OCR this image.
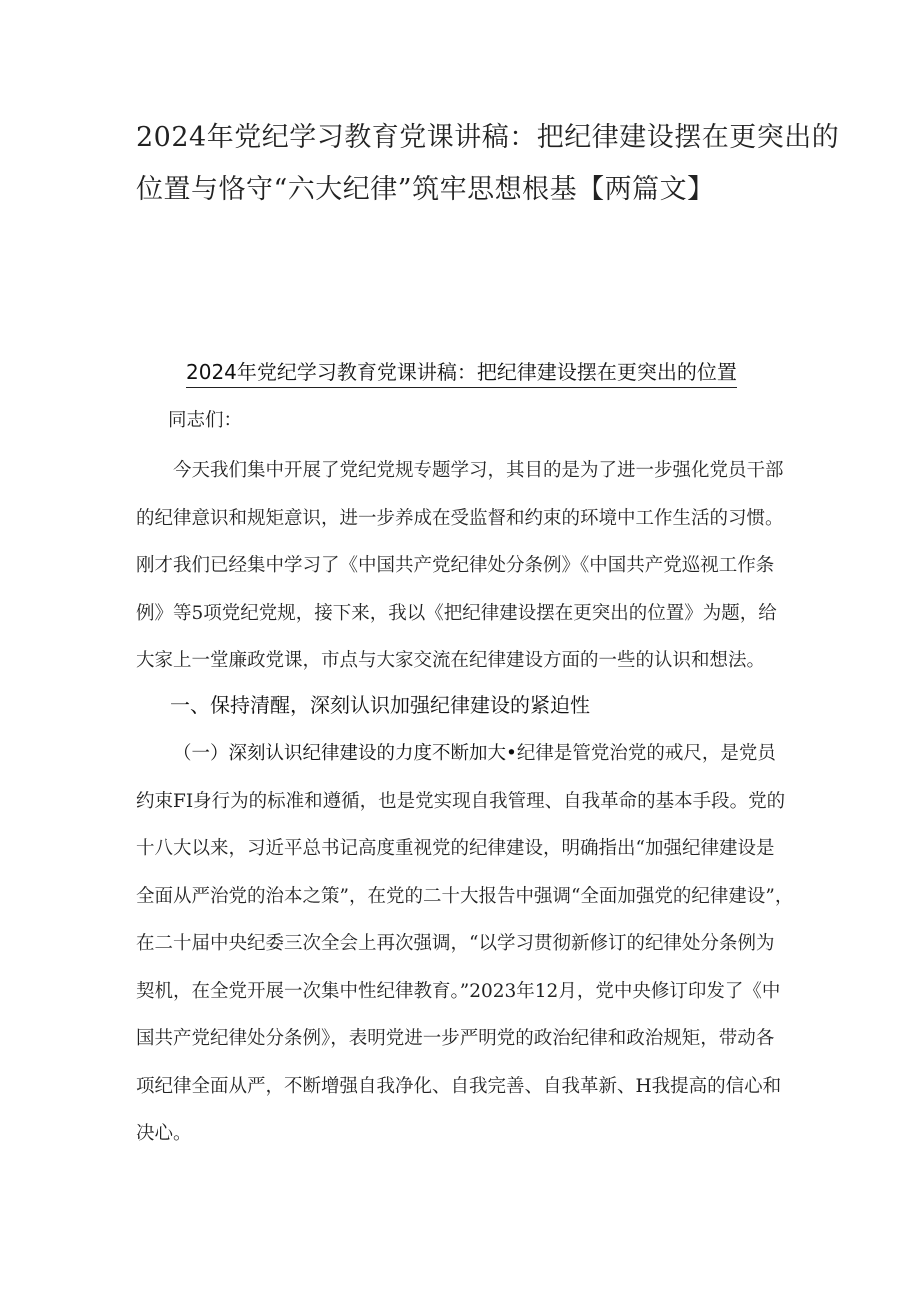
2024年党纪学习教育党课讲稿：把纪律建设摆在更突出的
位置与恪守“六大纪律”筑牢思想根基【两篇文】
2024年党纪学习教育党课讲稿：把纪律建设摆在更突出的位置
同志们：

今天我们集中开展了党纪党规专题学习，其目的是为了进一步强化党员干部
的纪律意识和规矩意识，进一步养成在受监督和约束的环境中工作生活的习惯。
刚才我们已经集中学习了《中国共产党纪律处分条例》《中国共产党巡视工作条
例》等5项党纪党规，接下来，我以《把纪律建设摆在更突出的位置》为题，给
大家上一堂廉政党课，市点与大家交流在纪律建设方面的一些的认识和想法。

一、保持清醒，深刻认识加强纪律建设的紧迫性

（一）深刻认识纪律建设的力度不断加大•纪律是管党治党的戒尺，是党员
约束FI身行为的标准和遵循，也是党实现自我管理、自我革命的基本手段。党的
十八大以来，习近平总书记高度重视党的纪律建设，明确指出“加强纪律建设是
全面从严治党的治本之策”，在党的二十大报告中强调“全面加强党的纪律建设”，
在二十届中央纪委三次全会上再次强调，“以学习贯彻新修订的纪律处分条例为
契机，在全党开展一次集中性纪律教育。”2023年12月，党中央修订印发了《中
国共产党纪律处分条例》，表明党进一步严明党的政治纪律和政治规矩，带动各
项纪律全面从严，不断增强自我净化、自我完善、自我革新、H我提高的信心和
决心。
